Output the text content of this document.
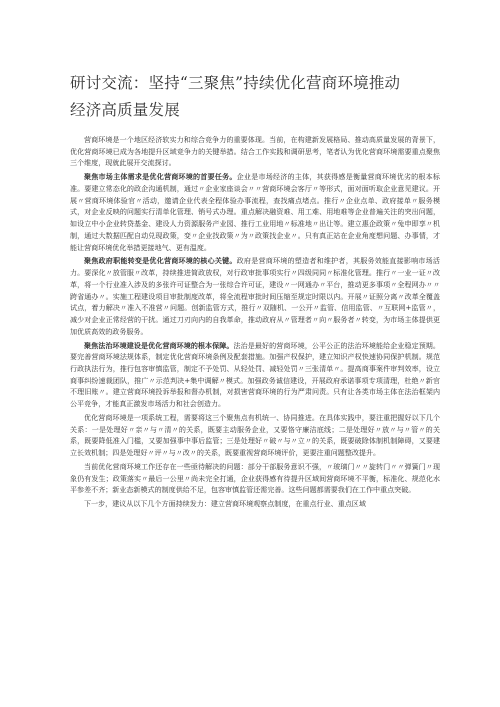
研讨交流：坚持“三聚焦”持续优化营商环境推动
经济高质量发展

营商环境是一个地区经济软实力和综合竞争力的重要体现。当前，在构建新发展格局、推动高质量发展的背景下，优化营商环境已成为各地提升区域竞争力的关键举措。结合工作实践和调研思考，笔者认为优化营商环境需要重点聚焦三个维度，现就此展开交流探讨。

聚焦市场主体需求是优化营商环境的首要任务。企业是市场经济的主体，其获得感是衡量营商环境优劣的根本标准。要建立常态化的政企沟通机制，通过〃企业家座谈会〃〃营商环境会客厅〃等形式，面对面听取企业意见建议。开展〃营商环境体验官〃活动，邀请企业代表全程体验办事流程，查找痛点堵点。推行〃企业点单、政府接单〃服务模式，对企业反映的问题实行清单化管理、销号式办理。重点解决融资难、用工难、用地难等企业普遍关注的突出问题，如设立中小企业转贷基金、建设人力资源服务产业园、推行工业用地〃标准地〃出让等。建立惠企政策〃兔申即享〃机制，通过大数据匹配自动兑现政策，变〃企业找政策〃为〃政策找企业〃。只有真正站在企业角度想问题、办事情，才能让营商环境优化举措更接地气、更有温度。

聚焦政府职能转变是优化营商环境的核心关键。政府是营商环境的塑造者和维护者，其服务效能直接影响市场活力。要深化〃放管服〃改革，持续推进简政放权，对行政审批事项实行〃四级同同〃标准化管理。推行〃一业一证〃改革，将一个行业准入涉及的多张许可证整合为一张综合许可证，建设〃一网通办〃平台，推动更多事项〃全程网办〃〃跨省通办〃。实施工程建设项目审批制度改革，将全流程审批时间压缩至规定时限以内。开展〃证照分离〃改革全覆盖试点，着力解决〃准入不准营〃问题。创新监管方式，推行〃双随机、一公开〃监管、信用监管、〃互联网+监管〃，减少对企业正常经营的干扰。通过刀刃向内的自我革命，推动政府从〃管理者〃向〃服务者〃转变，为市场主体提供更加优质高效的政务服务。

聚焦法治环境建设是优化营商环境的根本保障。法治是最好的营商环境，公平公正的法治环境能给企业稳定预期。要完善营商环境法规体系，制定优化营商环境条例及配套措施。加强产权保护，建立知识产权快速协同保护机制。规范行政执法行为，推行包容审慎监管，制定不予处罚、从轻处罚、减轻处罚〃三张清单〃。提高商事案件审判效率，设立商事纠纷速裁团队，推广〃示范判决+集中调解〃模式。加强政务诚信建设，开展政府承诺事项专项清理，杜绝〃新官不理旧账〃。建立营商环境投诉举报和督办机制，对损害营商环境的行为严肃问责。只有让各类市场主体在法治框架内公平竞争，才能真正激发市场活力和社会创造力。

优化营商环境是一项系统工程，需要将这三个聚焦点有机统一、协同推进。在具体实践中，要注重把握好以下几个关系：一是处理好〃亲〃与〃清〃的关系，既要主动服务企业，又要恪守廉洁底线；二是处理好〃放〃与〃管〃的关系，既要降低准入门槛，又要加强事中事后监管；三是处理好〃破〃与〃立〃的关系，既要破除体制机制障碍，又要建立长效机制；四是处理好〃评〃与〃改〃的关系，既要重视营商环境评价，更要注重问题整改提升。

当前优化营商环境工作还存在一些亟待解决的问题：部分干部服务意识不强，〃玻璃门〃〃旋转门〃〃弹簧门〃现象仍有发生；政策落实〃最后一公里〃尚未完全打通，企业获得感有待提升区域间营商环境不平衡，标准化、规范化水平参差不齐；新业态新模式的制度供给不足，包容审慎监管还需完善。这些问题都需要我们在工作中重点突破。

下一步，建议从以下几个方面持续发力：建立营商环境观察点制度，在重点行业、重点区域
